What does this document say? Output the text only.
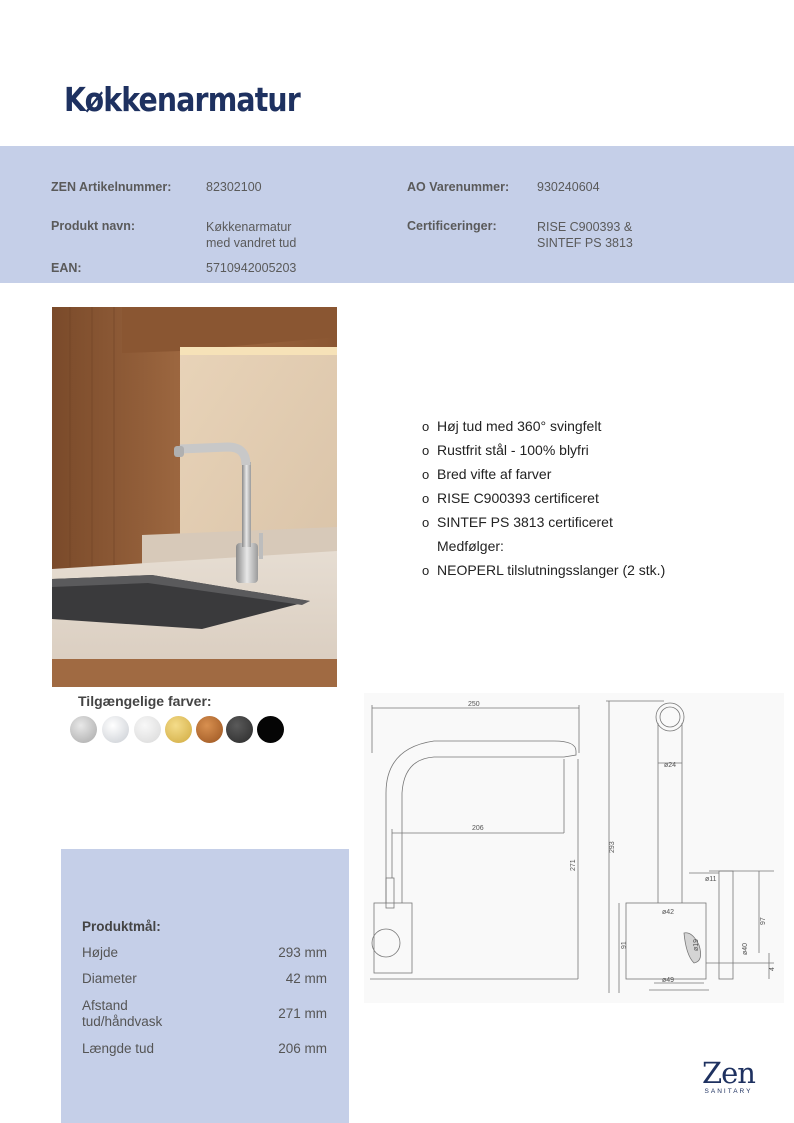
Køkkenarmatur
ZEN Artikelnummer:	82302100	AO Varenummer: 930240604
Produkt navn:	Køkkenarmatur
med vandret tud
Certificeringer:	RISE C900393 &
SINTEF PS 3813
EAN:	5710942005203
o Høj tud med 360° svingfelt
o Rustfrit stål - 100% blyfri
o Bred vifte af farver
o RISE C900393 certificeret
o SINTEF PS 3813 certificeret
Medfølger:
o NEOPERL tilslutningsslanger (2 stk.)
Tilgængelige farver:	250
206
271
293
ø24
ø11
ø42
ø19	ø40
ø49
97
91
4
Produktmål:
Højde	293 mm
Diameter	42 mm
Afstand
tud/håndvask
271 mm
Længde tud	206 mm
Zen
SANITARY
